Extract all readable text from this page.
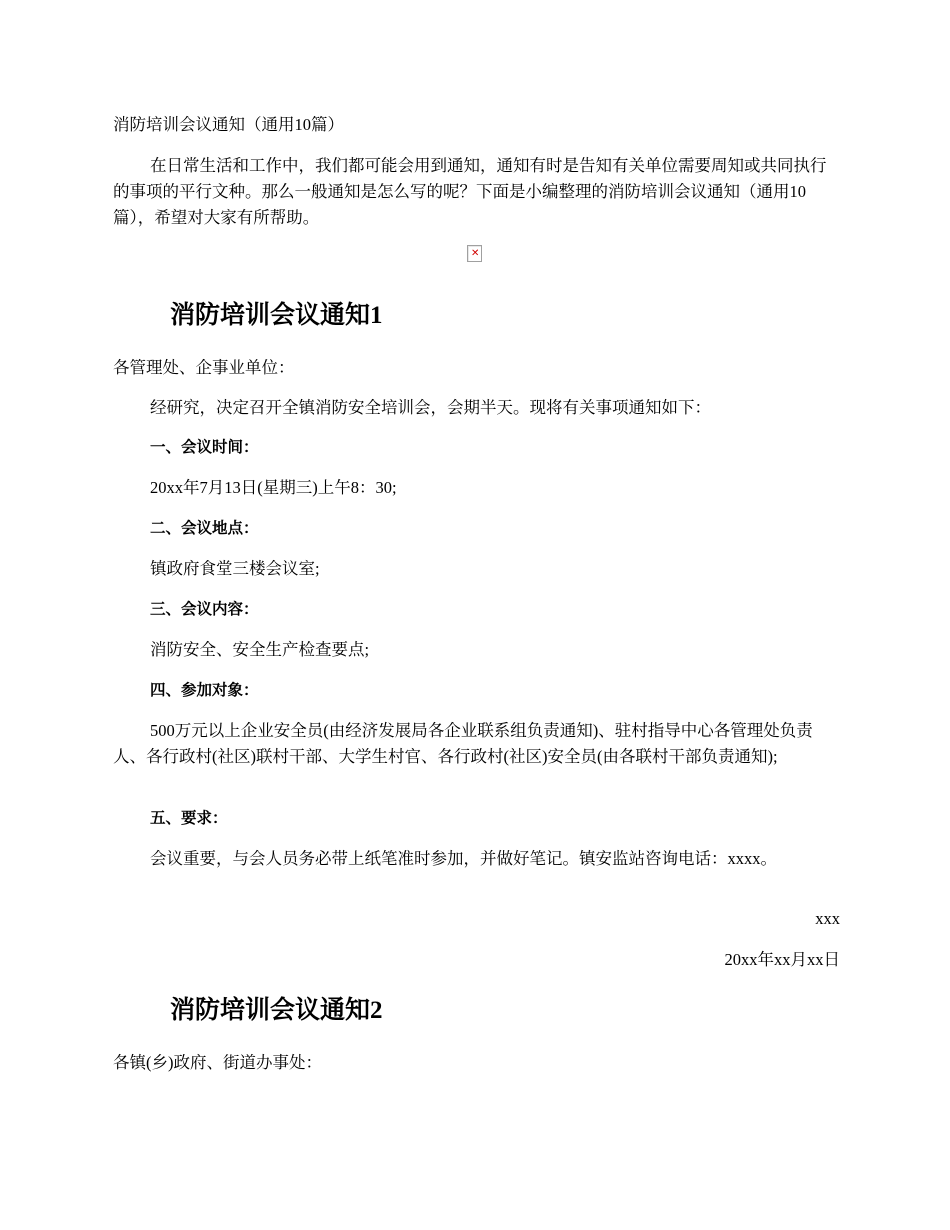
消防培训会议通知（通用10篇）

在日常生活和工作中，我们都可能会用到通知，通知有时是告知有关单位需要周知或共同执行的事项的平行文种。那么一般通知是怎么写的呢？下面是小编整理的消防培训会议通知（通用10篇），希望对大家有所帮助。

✕
消防培训会议通知1

各管理处、企事业单位：

经研究，决定召开全镇消防安全培训会，会期半天。现将有关事项通知如下：

一、会议时间：

20xx年7月13日(星期三)上午8：30;

二、会议地点：

镇政府食堂三楼会议室;

三、会议内容：

消防安全、安全生产检查要点;

四、参加对象：

500万元以上企业安全员(由经济发展局各企业联系组负责通知)、驻村指导中心各管理处负责人、各行政村(社区)联村干部、大学生村官、各行政村(社区)安全员(由各联村干部负责通知);

五、要求：

会议重要，与会人员务必带上纸笔准时参加，并做好笔记。镇安监站咨询电话：xxxx。

xxx

20xx年xx月xx日

消防培训会议通知2

各镇(乡)政府、街道办事处：
